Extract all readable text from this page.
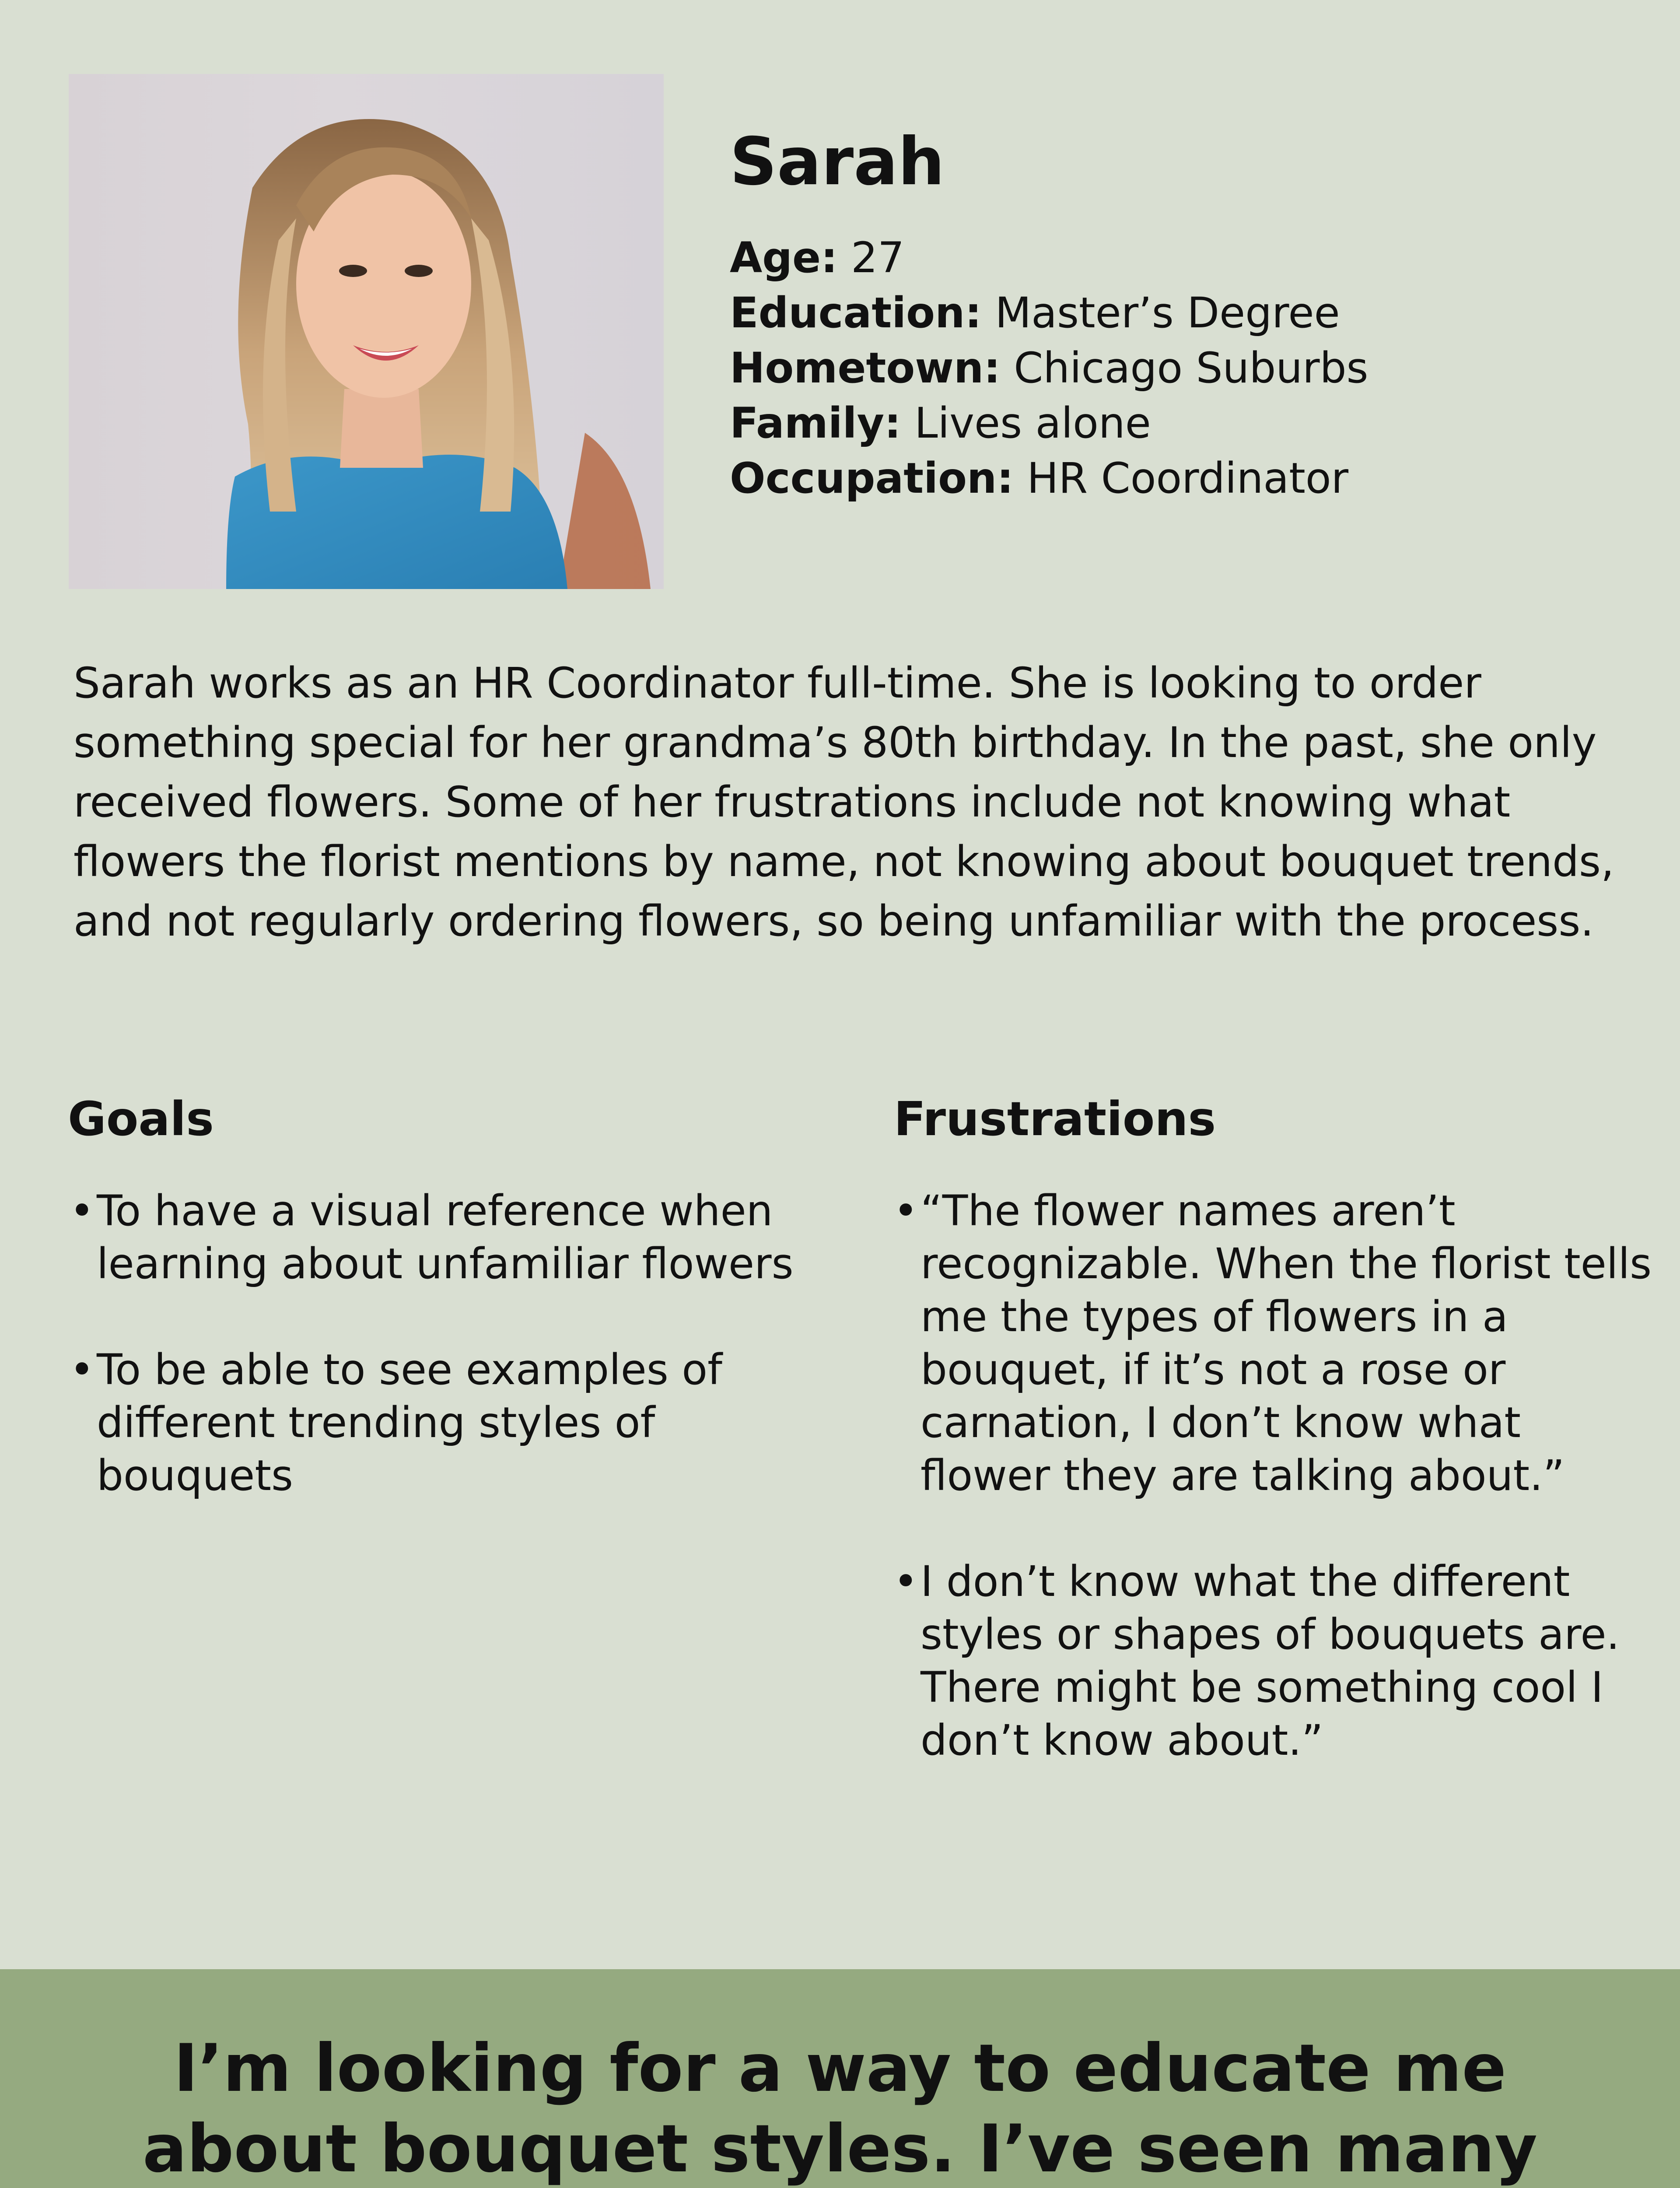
Sarah
Age: 27
Education: Master’s Degree
Hometown: Chicago Suburbs
Family: Lives alone
Occupation: HR Coordinator

Sarah works as an HR Coordinator full-time. She is looking to order something special for her grandma’s 80th birthday. In the past, she only received flowers. Some of her frustrations include not knowing what flowers the florist mentions by name, not knowing about bouquet trends, and not regularly ordering flowers, so being unfamiliar with the process.

Goals
• To have a visual reference when learning about unfamiliar flowers
• To be able to see examples of different trending styles of bouquets
Frustrations
• “The flower names aren’t recognizable. When the florist tells me the types of flowers in a bouquet, if it’s not a rose or carnation, I don’t know what flower they are talking about.”
• I don’t know what the different styles or shapes of bouquets are. There might be something cool I don’t know about.”

I’m looking for a way to educate me about bouquet styles. I’ve seen many
